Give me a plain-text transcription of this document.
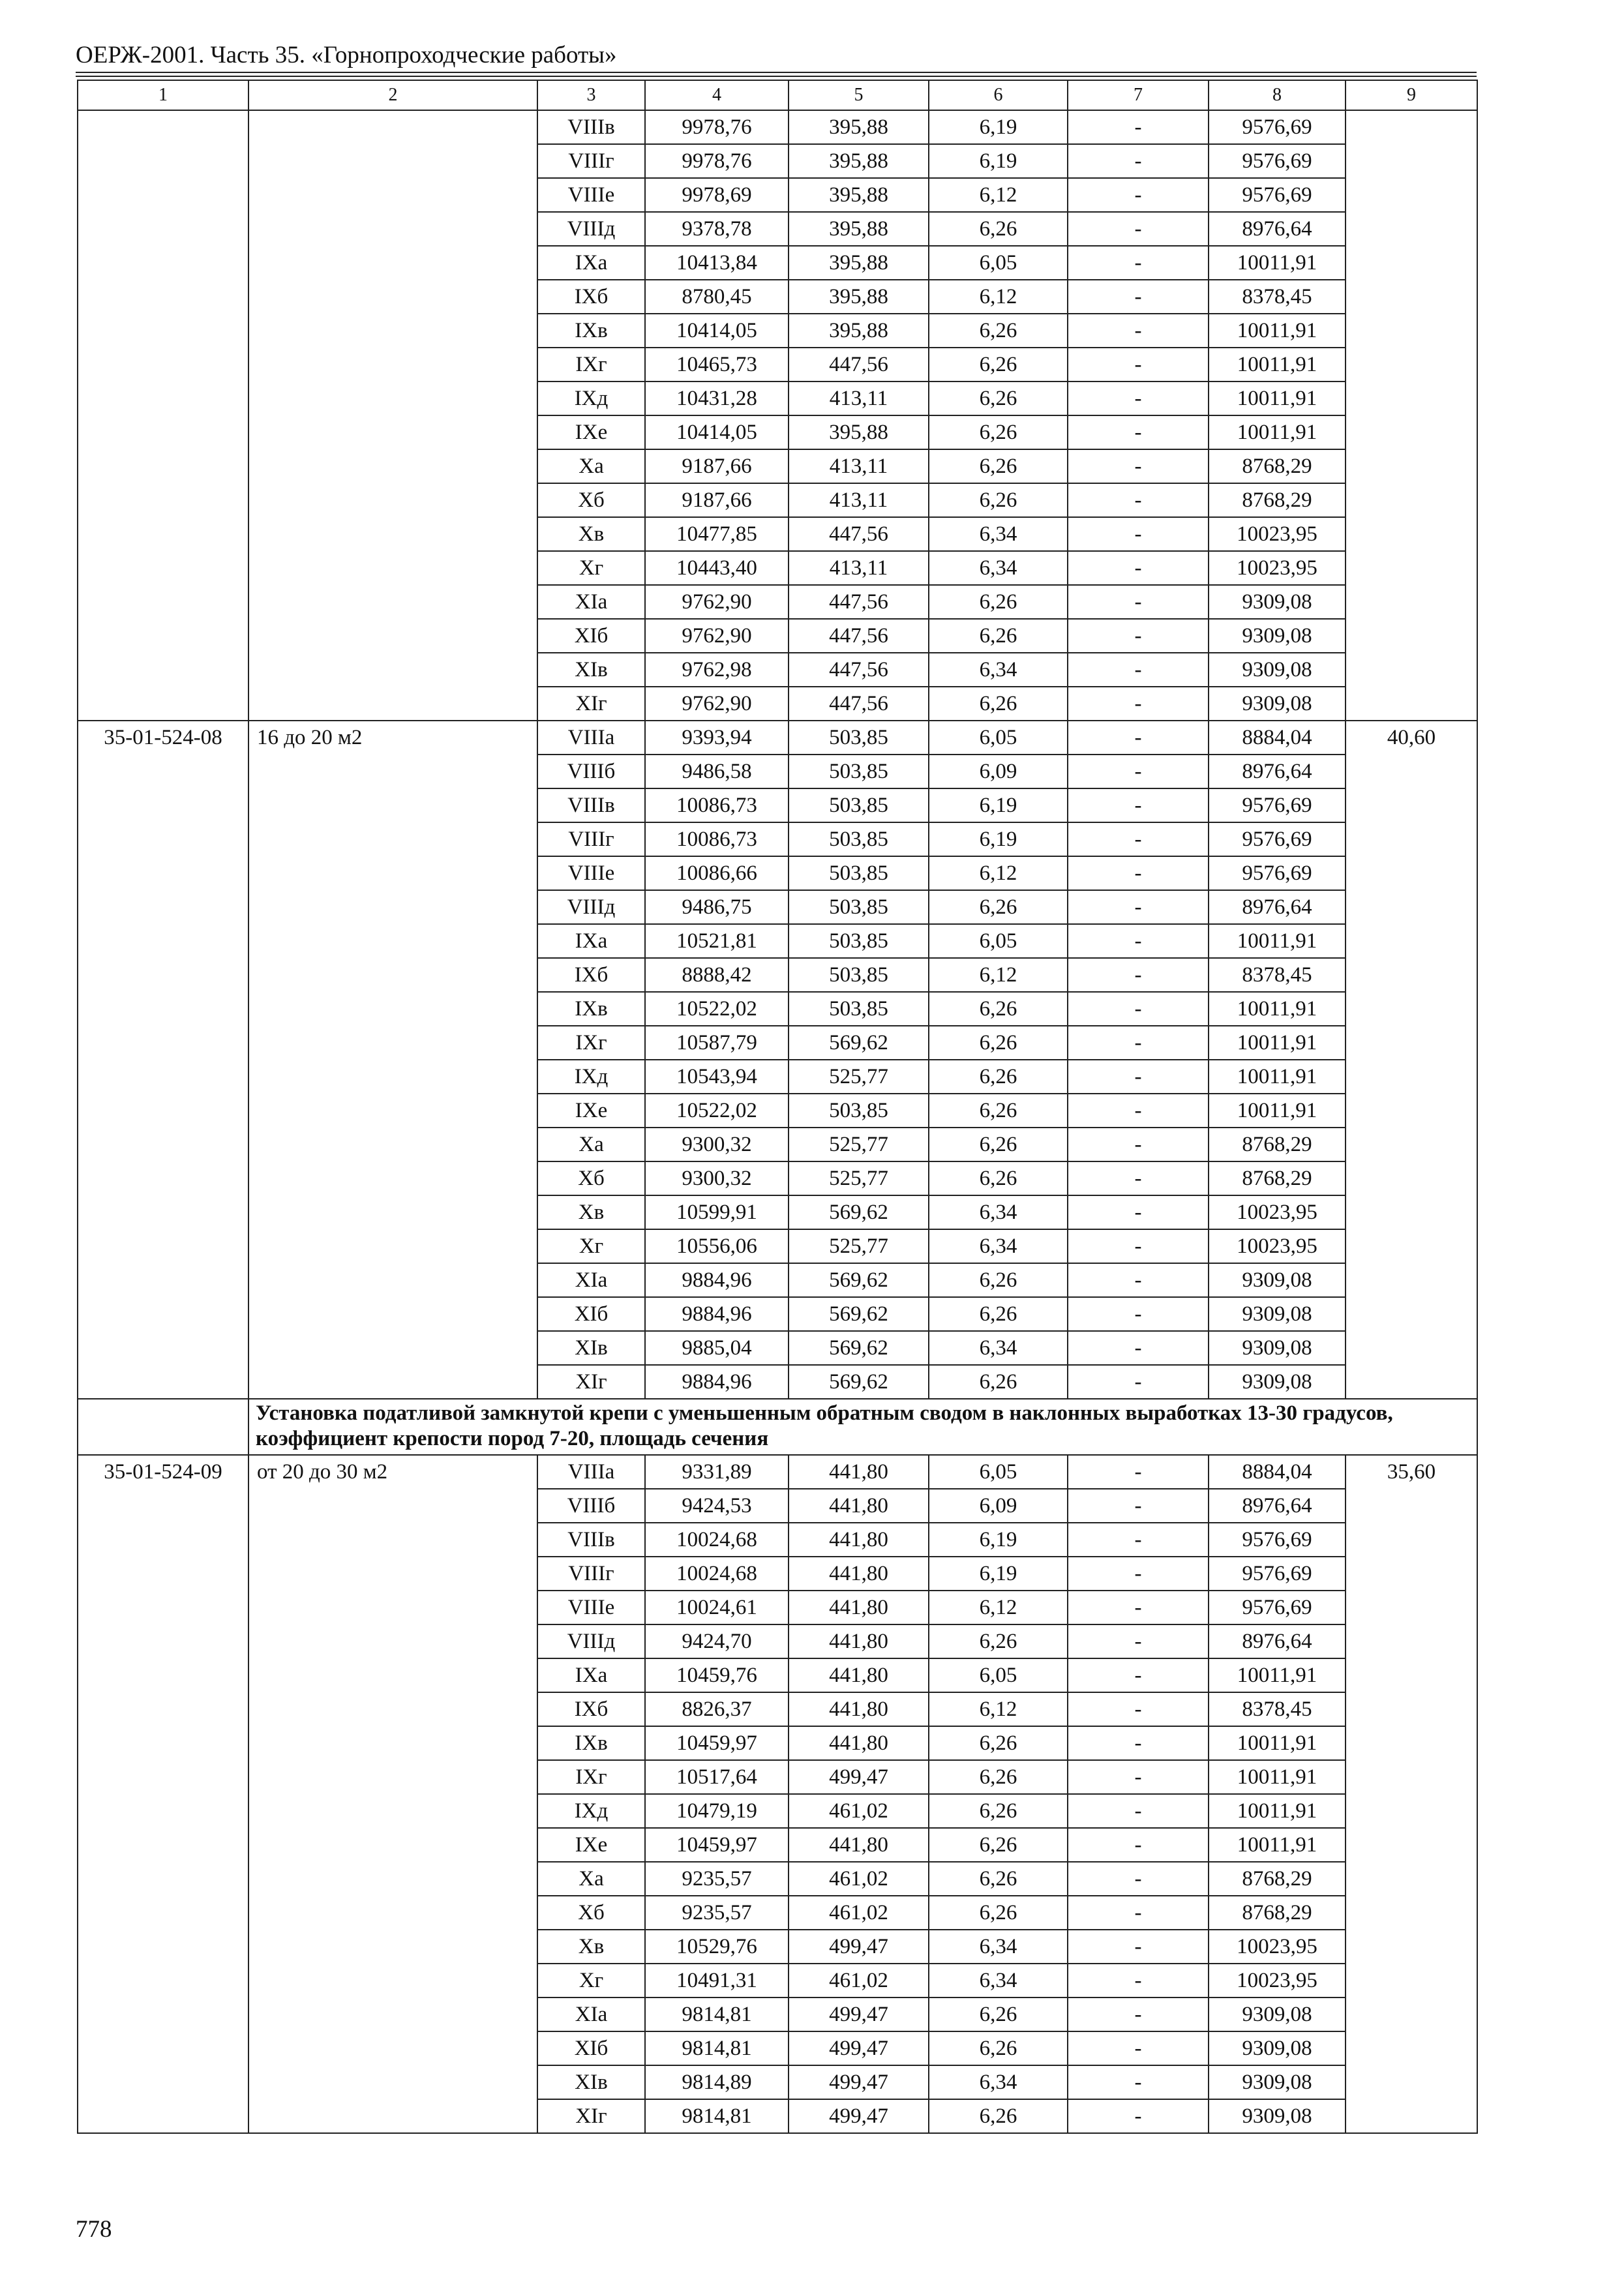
ОЕРЖ-2001. Часть 35. «Горнопроходческие работы»
1	2	3	4	5	6	7	8	9
		VIIIв	9978,76	395,88	6,19	-	9576,69	
		VIIIг	9978,76	395,88	6,19	-	9576,69	
		VIIIе	9978,69	395,88	6,12	-	9576,69	
		VIIIд	9378,78	395,88	6,26	-	8976,64	
		IXа	10413,84	395,88	6,05	-	10011,91	
		IXб	8780,45	395,88	6,12	-	8378,45	
		IXв	10414,05	395,88	6,26	-	10011,91	
		IXг	10465,73	447,56	6,26	-	10011,91	
		IXд	10431,28	413,11	6,26	-	10011,91	
		IXе	10414,05	395,88	6,26	-	10011,91	
		Xа	9187,66	413,11	6,26	-	8768,29	
		Xб	9187,66	413,11	6,26	-	8768,29	
		Xв	10477,85	447,56	6,34	-	10023,95	
		Xг	10443,40	413,11	6,34	-	10023,95	
		XIа	9762,90	447,56	6,26	-	9309,08	
		XIб	9762,90	447,56	6,26	-	9309,08	
		XIв	9762,98	447,56	6,34	-	9309,08	
		XIг	9762,90	447,56	6,26	-	9309,08	
35-01-524-08	16 до 20 м2	VIIIа	9393,94	503,85	6,05	-	8884,04	40,60
		VIIIб	9486,58	503,85	6,09	-	8976,64	
		VIIIв	10086,73	503,85	6,19	-	9576,69	
		VIIIг	10086,73	503,85	6,19	-	9576,69	
		VIIIе	10086,66	503,85	6,12	-	9576,69	
		VIIIд	9486,75	503,85	6,26	-	8976,64	
		IXа	10521,81	503,85	6,05	-	10011,91	
		IXб	8888,42	503,85	6,12	-	8378,45	
		IXв	10522,02	503,85	6,26	-	10011,91	
		IXг	10587,79	569,62	6,26	-	10011,91	
		IXд	10543,94	525,77	6,26	-	10011,91	
		IXе	10522,02	503,85	6,26	-	10011,91	
		Xа	9300,32	525,77	6,26	-	8768,29	
		Xб	9300,32	525,77	6,26	-	8768,29	
		Xв	10599,91	569,62	6,34	-	10023,95	
		Xг	10556,06	525,77	6,34	-	10023,95	
		XIа	9884,96	569,62	6,26	-	9309,08	
		XIб	9884,96	569,62	6,26	-	9309,08	
		XIв	9885,04	569,62	6,34	-	9309,08	
		XIг	9884,96	569,62	6,26	-	9309,08	
	Установка податливой замкнутой крепи с уменьшенным обратным сводом в наклонных выработках 13-30 градусов, коэффициент крепости пород 7-20, площадь сечения							
35-01-524-09	от 20 до 30 м2	VIIIа	9331,89	441,80	6,05	-	8884,04	35,60
		VIIIб	9424,53	441,80	6,09	-	8976,64	
		VIIIв	10024,68	441,80	6,19	-	9576,69	
		VIIIг	10024,68	441,80	6,19	-	9576,69	
		VIIIе	10024,61	441,80	6,12	-	9576,69	
		VIIIд	9424,70	441,80	6,26	-	8976,64	
		IXа	10459,76	441,80	6,05	-	10011,91	
		IXб	8826,37	441,80	6,12	-	8378,45	
		IXв	10459,97	441,80	6,26	-	10011,91	
		IXг	10517,64	499,47	6,26	-	10011,91	
		IXд	10479,19	461,02	6,26	-	10011,91	
		IXе	10459,97	441,80	6,26	-	10011,91	
		Xа	9235,57	461,02	6,26	-	8768,29	
		Xб	9235,57	461,02	6,26	-	8768,29	
		Xв	10529,76	499,47	6,34	-	10023,95	
		Xг	10491,31	461,02	6,34	-	10023,95	
		XIа	9814,81	499,47	6,26	-	9309,08	
		XIб	9814,81	499,47	6,26	-	9309,08	
		XIв	9814,89	499,47	6,34	-	9309,08	
		XIг	9814,81	499,47	6,26	-	9309,08	
778
